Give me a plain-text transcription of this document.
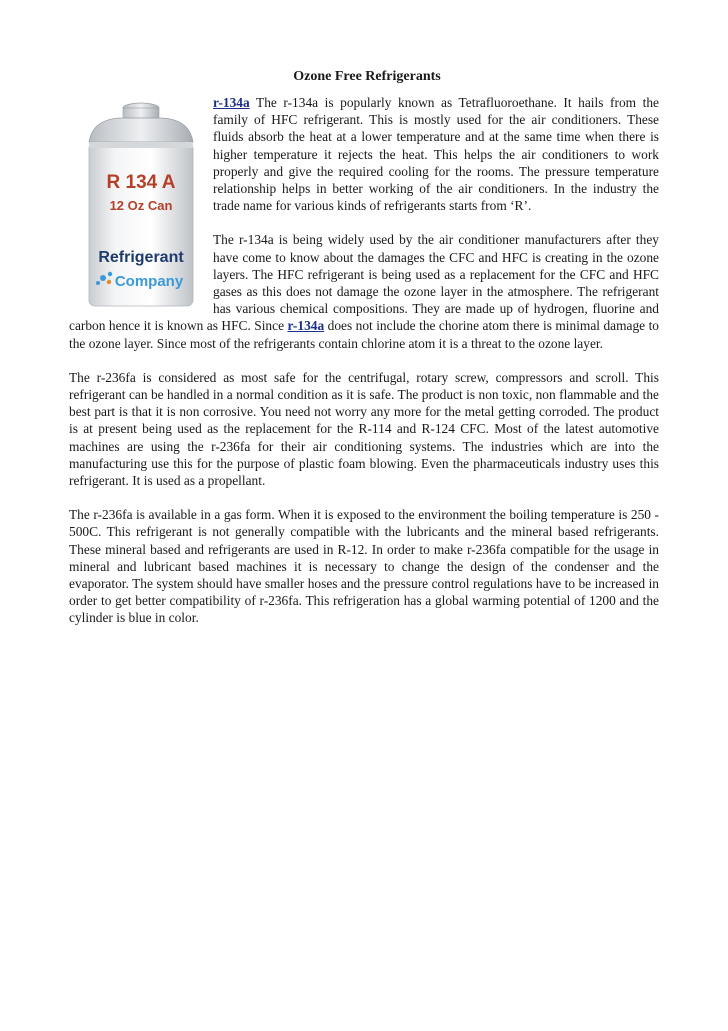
Ozone Free Refrigerants
R 134 A
12 Oz Can
Refrigerant
Company

r-134a The r-134a is popularly known as Tetrafluoroethane. It hails from the family of HFC refrigerant. This is mostly used for the air conditioners. These fluids absorb the heat at a lower temperature and at the same time when there is higher temperature it rejects the heat. This helps the air conditioners to work properly and give the required cooling for the rooms. The pressure temperature relationship helps in better working of the air conditioners. In the industry the trade name for various kinds of refrigerants starts from ‘R’.

The r-134a is being widely used by the air conditioner manufacturers after they have come to know about the damages the CFC and HFC is creating in the ozone layers. The HFC refrigerant is being used as a replacement for the CFC and HFC gases as this does not damage the ozone layer in the atmosphere. The refrigerant has various chemical compositions. They are made up of hydrogen, fluorine and carbon hence it is known as HFC. Since r-134a does not include the chorine atom there is minimal damage to the ozone layer. Since most of the refrigerants contain chlorine atom it is a threat to the ozone layer.

The r-236fa is considered as most safe for the centrifugal, rotary screw, compressors and scroll. This refrigerant can be handled in a normal condition as it is safe. The product is non toxic, non flammable and the best part is that it is non corrosive. You need not worry any more for the metal getting corroded. The product is at present being used as the replacement for the R-114 and R-124 CFC. Most of the latest automotive machines are using the r-236fa for their air conditioning systems. The industries which are into the manufacturing use this for the purpose of plastic foam blowing. Even the pharmaceuticals industry uses this refrigerant. It is used as a propellant.

The r-236fa is available in a gas form. When it is exposed to the environment the boiling temperature is 250 - 500C. This refrigerant is not generally compatible with the lubricants and the mineral based refrigerants. These mineral based and refrigerants are used in R-12. In order to make r-236fa compatible for the usage in mineral and lubricant based machines it is necessary to change the design of the condenser and the evaporator. The system should have smaller hoses and the pressure control regulations have to be increased in order to get better compatibility of r-236fa. This refrigeration has a global warming potential of 1200 and the cylinder is blue in color.
